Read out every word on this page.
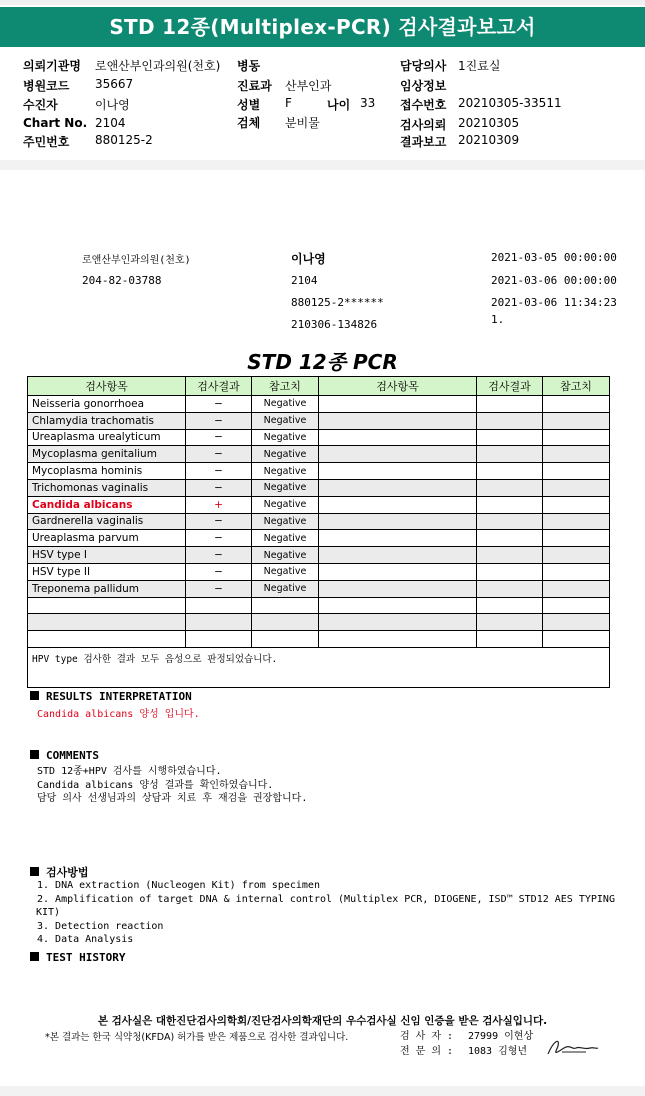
STD 12종(Multiplex-PCR) 검사결과보고서
의뢰기관명 로앤산부인과의원(천호) 병동	담당의사 1진료실
병원코드 35667	진료과 산부인과	임상정보
수진자	이나영	성별 F	나이 33 접수번호 20210305-33511
Chart No. 2104	검체 분비물	검사의뢰 20210305
주민번호 880125-2	결과보고 20210309
로앤산부인과의원(천호)
204-82-03788
이나영
2104
880125-2******
210306-134826
2021-03-05 00:00:00
2021-03-06 00:00:00
2021-03-06 11:34:23
1.
STD 12종 PCR
검사항목	검사결과	참고치	검사항목	검사결과	참고치
Neisseria gonorrhoea	−	Negative			
Chlamydia trachomatis	−	Negative			
Ureaplasma urealyticum	−	Negative			
Mycoplasma genitalium	−	Negative			
Mycoplasma hominis	−	Negative			
Trichomonas vaginalis	−	Negative			
Candida albicans	+	Negative			
Gardnerella vaginalis	−	Negative			
Ureaplasma parvum	−	Negative			
HSV type I	−	Negative			
HSV type II	−	Negative			
Treponema pallidum	−	Negative			

HPV type 검사한 결과 모두 음성으로 판정되었습니다.					
RESULTS INTERPRETATION
Candida albicans 양성 입니다.
COMMENTS
STD 12종+HPV 검사를 시행하였습니다.
Candida albicans 양성 결과를 확인하였습니다.
담당 의사 선생님과의 상담과 치료 후 재검을 권장합니다.
검사방법
1. DNA extraction (Nucleogen Kit) from specimen
2. Amplification of target DNA & internal control (Multiplex PCR, DIOGENE, ISD™ STD12 AES TYPING
KIT)
3. Detection reaction
4. Data Analysis
TEST HISTORY
본 검사실은 대한진단검사의학회/진단검사의학재단의 우수검사실 신임 인증을 받은 검사실입니다.
*본 결과는 한국 식약청(KFDA) 허가를 받은 제품으로 검사한 결과입니다.	검 사 자 : 27999 이현상
전 문 의 : 1083 김형년
